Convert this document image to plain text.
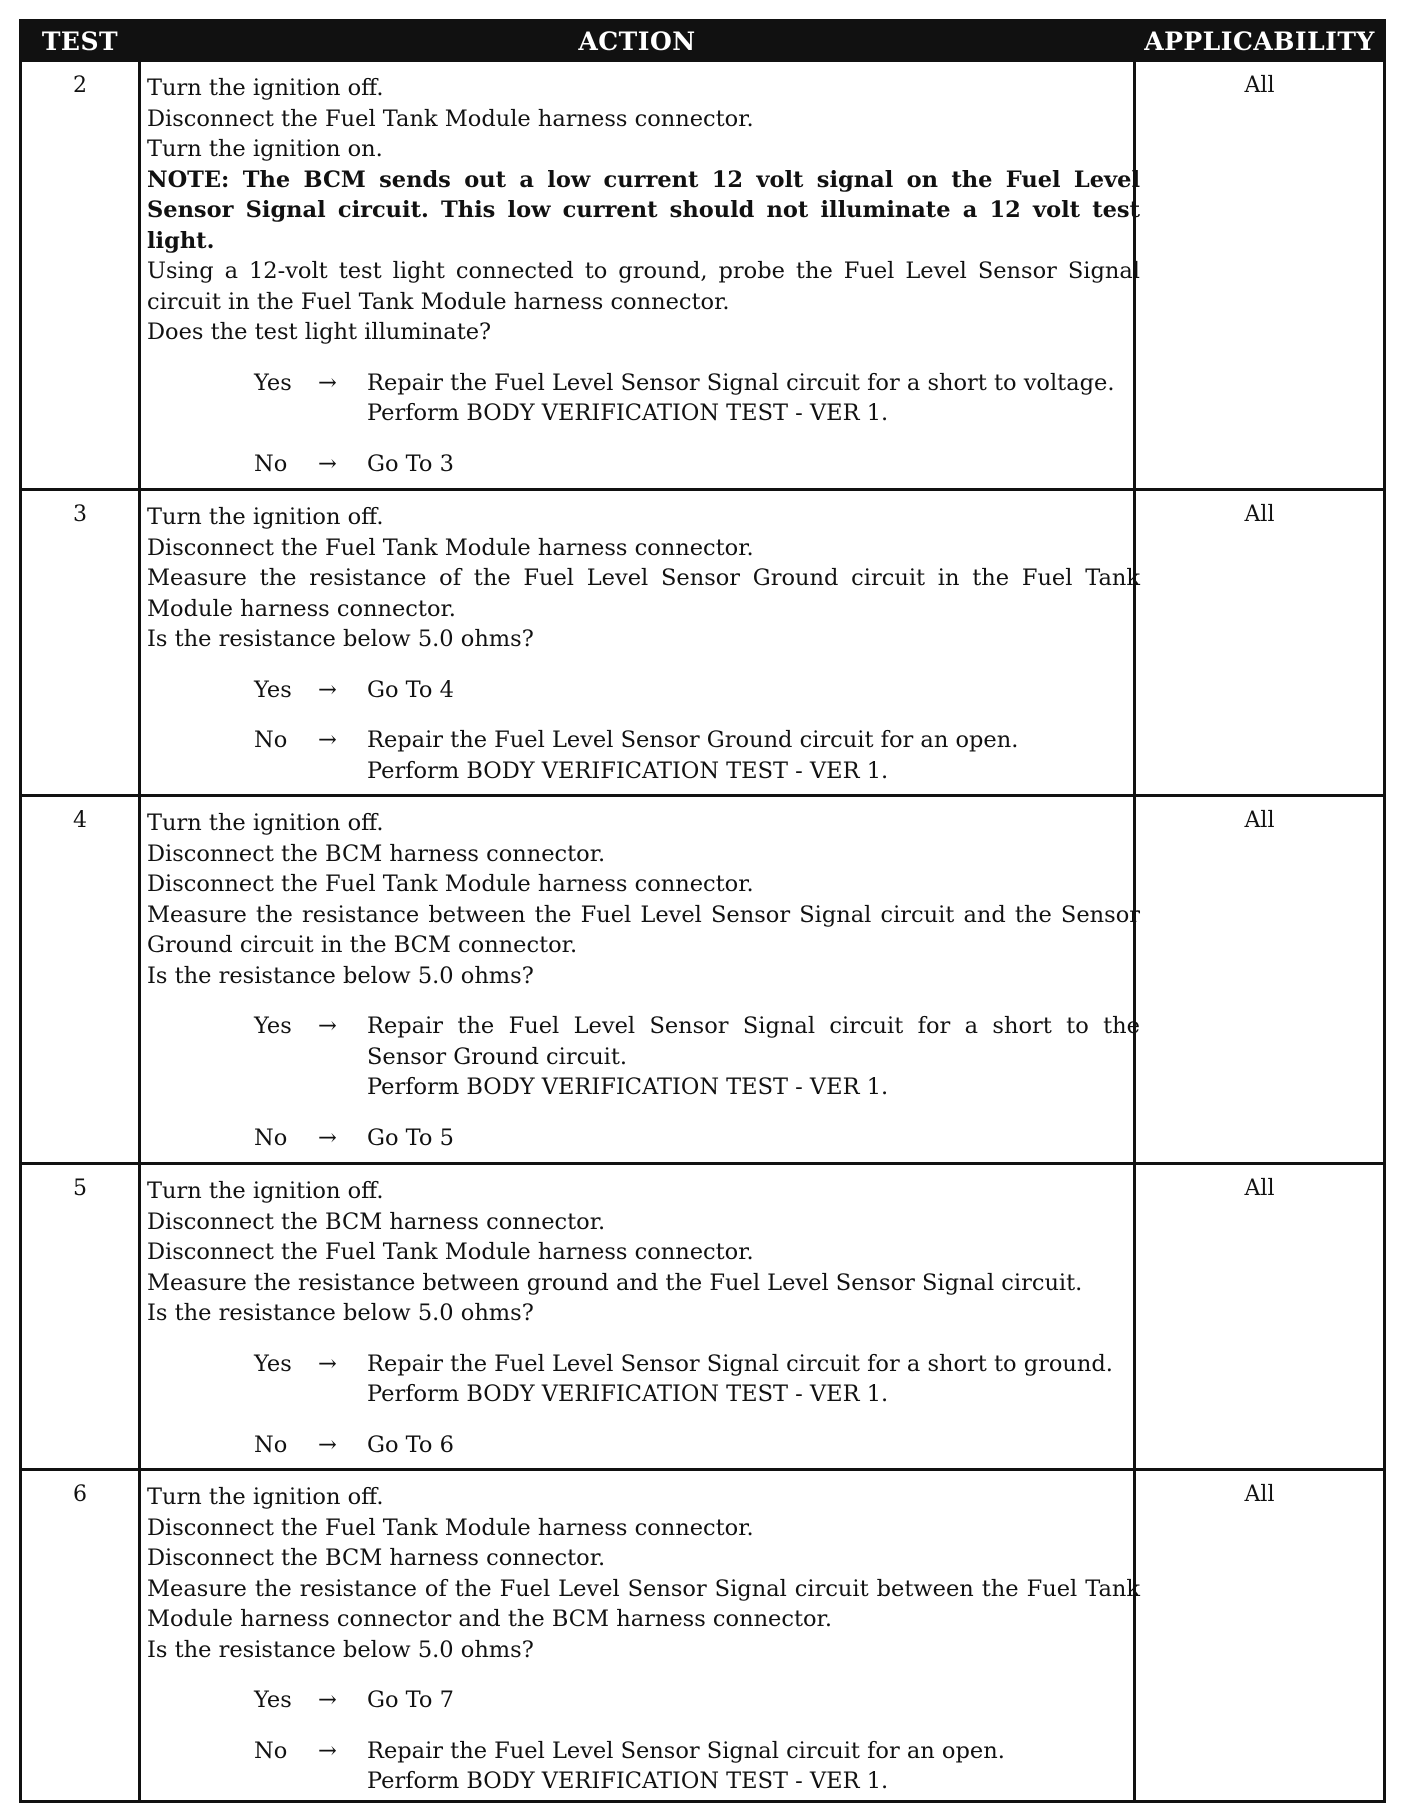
TEST	ACTION	APPLICABILITY
2	Turn the ignition off.
Disconnect the Fuel Tank Module harness connector.
Turn the ignition on.
NOTE: The BCM sends out a low current 12 volt signal on the Fuel Level Sensor Signal circuit. This low current should not illuminate a 12 volt test light.
Using a 12-volt test light connected to ground, probe the Fuel Level Sensor Signal circuit in the Fuel Tank Module harness connector.
Does the test light illuminate?
Yes → Repair the Fuel Level Sensor Signal circuit for a short to voltage.
Perform BODY VERIFICATION TEST - VER 1.
No → Go To 3
All
3	Turn the ignition off.
Disconnect the Fuel Tank Module harness connector.
Measure the resistance of the Fuel Level Sensor Ground circuit in the Fuel Tank Module harness connector.
Is the resistance below 5.0 ohms?
Yes → Go To 4
No → Repair the Fuel Level Sensor Ground circuit for an open.
Perform BODY VERIFICATION TEST - VER 1.
All
4	Turn the ignition off.
Disconnect the BCM harness connector.
Disconnect the Fuel Tank Module harness connector.
Measure the resistance between the Fuel Level Sensor Signal circuit and the Sensor Ground circuit in the BCM connector.
Is the resistance below 5.0 ohms?
Yes → Repair the Fuel Level Sensor Signal circuit for a short to the Sensor Ground circuit.
Perform BODY VERIFICATION TEST - VER 1.
No → Go To 5
All
5	Turn the ignition off.
Disconnect the BCM harness connector.
Disconnect the Fuel Tank Module harness connector.
Measure the resistance between ground and the Fuel Level Sensor Signal circuit.
Is the resistance below 5.0 ohms?
Yes → Repair the Fuel Level Sensor Signal circuit for a short to ground.
Perform BODY VERIFICATION TEST - VER 1.
No → Go To 6
All
6	Turn the ignition off.
Disconnect the Fuel Tank Module harness connector.
Disconnect the BCM harness connector.
Measure the resistance of the Fuel Level Sensor Signal circuit between the Fuel Tank Module harness connector and the BCM harness connector.
Is the resistance below 5.0 ohms?
Yes → Go To 7
No → Repair the Fuel Level Sensor Signal circuit for an open.
Perform BODY VERIFICATION TEST - VER 1.
All
